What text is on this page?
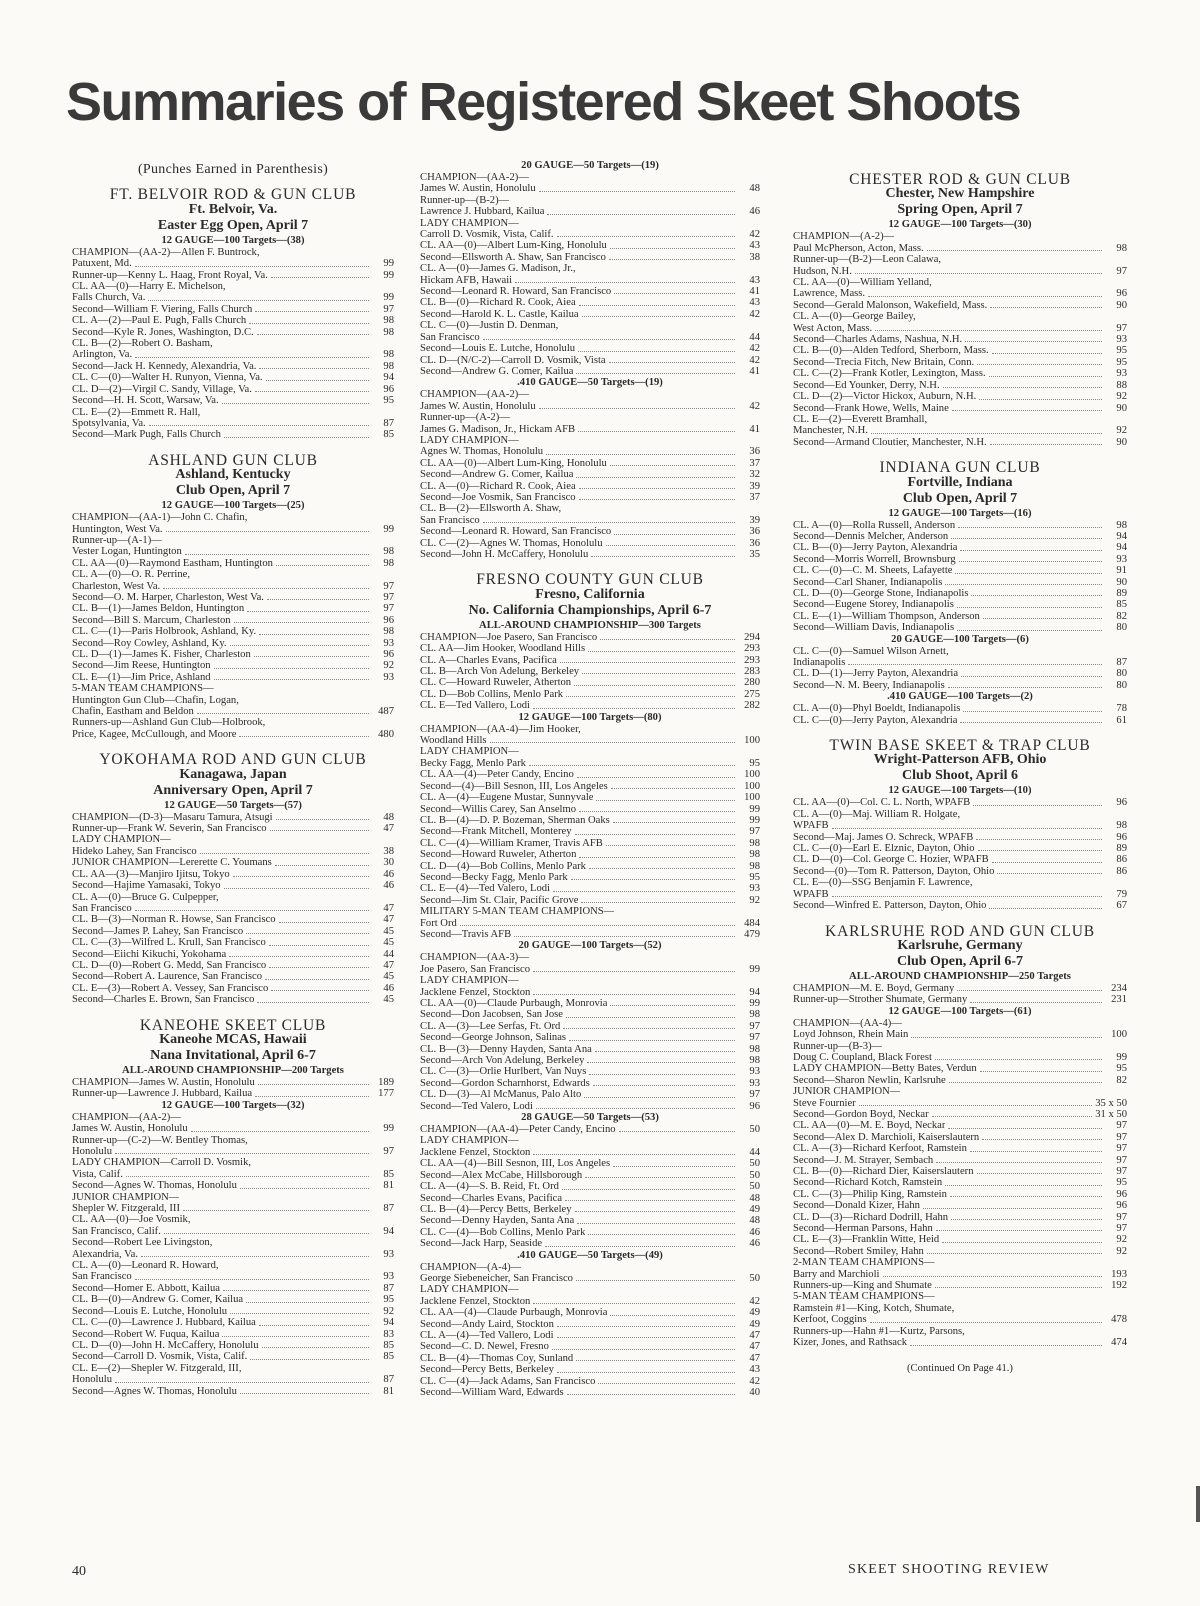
Summaries of Registered Skeet Shoots
(Punches Earned in Parenthesis)
FT. BELVOIR ROD & GUN CLUB
Ft. Belvoir, Va.
Easter Egg Open, April 7
12 GAUGE—100 Targets—(38)
CHAMPION—(AA-2)—Allen F. Buntrock,
Patuxent, Md.	99
Runner-up—Kenny L. Haag, Front Royal, Va.	99
CL. AA—(0)—Harry E. Michelson,
Falls Church, Va.	99
Second—William F. Viering, Falls Church	97
CL. A—(2)—Paul E. Pugh, Falls Church	98
Second—Kyle R. Jones, Washington, D.C.	98
CL. B—(2)—Robert O. Basham,
Arlington, Va.	98
Second—Jack H. Kennedy, Alexandria, Va.	98
CL. C—(0)—Walter H. Runyon, Vienna, Va.	94
CL. D—(2)—Virgil C. Sandy, Village, Va.	96
Second—H. H. Scott, Warsaw, Va.	95
CL. E—(2)—Emmett R. Hall,
Spotsylvania, Va.	87
Second—Mark Pugh, Falls Church	85
ASHLAND GUN CLUB
Ashland, Kentucky
Club Open, April 7
12 GAUGE—100 Targets—(25)
CHAMPION—(AA-1)—John C. Chafin,
Huntington, West Va.	99
Runner-up—(A-1)—
Vester Logan, Huntington	98
CL. AA—(0)—Raymond Eastham, Huntington	98
CL. A—(0)—O. R. Perrine,
Charleston, West Va.	97
Second—O. M. Harper, Charleston, West Va.	97
CL. B—(1)—James Beldon, Huntington	97
Second—Bill S. Marcum, Charleston	96
CL. C—(1)—Paris Holbrook, Ashland, Ky.	98
Second—Roy Cowley, Ashland, Ky.	93
CL. D—(1)—James K. Fisher, Charleston	96
Second—Jim Reese, Huntington	92
CL. E—(1)—Jim Price, Ashland	93
5-MAN TEAM CHAMPIONS—
Huntington Gun Club—Chafin, Logan,
Chafin, Eastham and Beldon	487
Runners-up—Ashland Gun Club—Holbrook,
Price, Kagee, McCullough, and Moore	480
YOKOHAMA ROD AND GUN CLUB
Kanagawa, Japan
Anniversary Open, April 7
12 GAUGE—50 Targets—(57)
CHAMPION—(D-3)—Masaru Tamura, Atsugi	48
Runner-up—Frank W. Severin, San Francisco	47
LADY CHAMPION—
Hideko Lahey, San Francisco	38
JUNIOR CHAMPION—Lererette C. Youmans	30
CL. AA—(3)—Manjiro Ijitsu, Tokyo	46
Second—Hajime Yamasaki, Tokyo	46
CL. A—(0)—Bruce G. Culpepper,
San Francisco	47
CL. B—(3)—Norman R. Howse, San Francisco	47
Second—James P. Lahey, San Francisco	45
CL. C—(3)—Wilfred L. Krull, San Francisco	45
Second—Eiichi Kikuchi, Yokohama	44
CL. D—(0)—Robert G. Medd, San Francisco	47
Second—Robert A. Laurence, San Francisco	45
CL. E—(3)—Robert A. Vessey, San Francisco	46
Second—Charles E. Brown, San Francisco	45
KANEOHE SKEET CLUB
Kaneohe MCAS, Hawaii
Nana Invitational, April 6-7
ALL-AROUND CHAMPIONSHIP—200 Targets
CHAMPION—James W. Austin, Honolulu	189
Runner-up—Lawrence J. Hubbard, Kailua	177
12 GAUGE—100 Targets—(32)
CHAMPION—(AA-2)—
James W. Austin, Honolulu	99
Runner-up—(C-2)—W. Bentley Thomas,
Honolulu	97
LADY CHAMPION—Carroll D. Vosmik,
Vista, Calif.	85
Second—Agnes W. Thomas, Honolulu	81
JUNIOR CHAMPION—
Shepler W. Fitzgerald, III	87
CL. AA—(0)—Joe Vosmik,
San Francisco, Calif.	94
Second—Robert Lee Livingston,
Alexandria, Va.	93
CL. A—(0)—Leonard R. Howard,
San Francisco	93
Second—Homer E. Abbott, Kailua	87
CL. B—(0)—Andrew G. Comer, Kailua	95
Second—Louis E. Lutche, Honolulu	92
CL. C—(0)—Lawrence J. Hubbard, Kailua	94
Second—Robert W. Fuqua, Kailua	83
CL. D—(0)—John H. McCaffery, Honolulu	85
Second—Carroll D. Vosmik, Vista, Calif.	85
CL. E—(2)—Shepler W. Fitzgerald, III,
Honolulu	87
Second—Agnes W. Thomas, Honolulu	81
20 GAUGE—50 Targets—(19)
CHAMPION—(AA-2)—
James W. Austin, Honolulu	48
Runner-up—(B-2)—
Lawrence J. Hubbard, Kailua	46
LADY CHAMPION—
Carroll D. Vosmik, Vista, Calif.	42
CL. AA—(0)—Albert Lum-King, Honolulu	43
Second—Ellsworth A. Shaw, San Francisco	38
CL. A—(0)—James G. Madison, Jr.,
Hickam AFB, Hawaii	43
Second—Leonard R. Howard, San Francisco	41
CL. B—(0)—Richard R. Cook, Aiea	43
Second—Harold K. L. Castle, Kailua	42
CL. C—(0)—Justin D. Denman,
San Francisco	44
Second—Louis E. Lutche, Honolulu	42
CL. D—(N/C-2)—Carroll D. Vosmik, Vista	42
Second—Andrew G. Comer, Kailua	41
.410 GAUGE—50 Targets—(19)
CHAMPION—(AA-2)—
James W. Austin, Honolulu	42
Runner-up—(A-2)—
James G. Madison, Jr., Hickam AFB	41
LADY CHAMPION—
Agnes W. Thomas, Honolulu	36
CL. AA—(0)—Albert Lum-King, Honolulu	37
Second—Andrew G. Comer, Kailua	32
CL. A—(0)—Richard R. Cook, Aiea	39
Second—Joe Vosmik, San Francisco	37
CL. B—(2)—Ellsworth A. Shaw,
San Francisco	39
Second—Leonard R. Howard, San Francisco	36
CL. C—(2)—Agnes W. Thomas, Honolulu	36
Second—John H. McCaffery, Honolulu	35
FRESNO COUNTY GUN CLUB
Fresno, California
No. California Championships, April 6-7
ALL-AROUND CHAMPIONSHIP—300 Targets
CHAMPION—Joe Pasero, San Francisco	294
CL. AA—Jim Hooker, Woodland Hills	293
CL. A—Charles Evans, Pacifica	293
CL. B—Arch Von Adelung, Berkeley	283
CL. C—Howard Ruweler, Atherton	280
CL. D—Bob Collins, Menlo Park	275
CL. E—Ted Vallero, Lodi	282
12 GAUGE—100 Targets—(80)
CHAMPION—(AA-4)—Jim Hooker,
Woodland Hills	100
LADY CHAMPION—
Becky Fagg, Menlo Park	95
CL. AA—(4)—Peter Candy, Encino	100
Second—(4)—Bill Sesnon, III, Los Angeles	100
CL. A—(4)—Eugene Mustar, Sunnyvale	100
Second—Willis Carey, San Anselmo	99
CL. B—(4)—D. P. Bozeman, Sherman Oaks	99
Second—Frank Mitchell, Monterey	97
CL. C—(4)—William Kramer, Travis AFB	98
Second—Howard Ruweler, Atherton	98
CL. D—(4)—Bob Collins, Menlo Park	98
Second—Becky Fagg, Menlo Park	95
CL. E—(4)—Ted Valero, Lodi	93
Second—Jim St. Clair, Pacific Grove	92
MILITARY 5-MAN TEAM CHAMPIONS—
Fort Ord	484
Second—Travis AFB	479
20 GAUGE—100 Targets—(52)
CHAMPION—(AA-3)—
Joe Pasero, San Francisco	99
LADY CHAMPION—
Jacklene Fenzel, Stockton	94
CL. AA—(0)—Claude Purbaugh, Monrovia	99
Second—Don Jacobsen, San Jose	98
CL. A—(3)—Lee Serfas, Ft. Ord	97
Second—George Johnson, Salinas	97
CL. B—(3)—Denny Hayden, Santa Ana	98
Second—Arch Von Adelung, Berkeley	98
CL. C—(3)—Orlie Hurlbert, Van Nuys	93
Second—Gordon Scharnhorst, Edwards	93
CL. D—(3)—Al McManus, Palo Alto	97
Second—Ted Valero, Lodi	96
28 GAUGE—50 Targets—(53)
CHAMPION—(AA-4)—Peter Candy, Encino	50
LADY CHAMPION—
Jacklene Fenzel, Stockton	44
CL. AA—(4)—Bill Sesnon, III, Los Angeles	50
Second—Alex McCabe, Hillsborough	50
CL. A—(4)—S. B. Reid, Ft. Ord	50
Second—Charles Evans, Pacifica	48
CL. B—(4)—Percy Betts, Berkeley	49
Second—Denny Hayden, Santa Ana	48
CL. C—(4)—Bob Collins, Menlo Park	46
Second—Jack Harp, Seaside	46
.410 GAUGE—50 Targets—(49)
CHAMPION—(A-4)—
George Siebeneicher, San Francisco	50
LADY CHAMPION—
Jacklene Fenzel, Stockton	42
CL. AA—(4)—Claude Purbaugh, Monrovia	49
Second—Andy Laird, Stockton	49
CL. A—(4)—Ted Vallero, Lodi	47
Second—C. D. Newel, Fresno	47
CL. B—(4)—Thomas Coy, Sunland	47
Second—Percy Betts, Berkeley	43
CL. C—(4)—Jack Adams, San Francisco	42
Second—William Ward, Edwards	40
CHESTER ROD & GUN CLUB
Chester, New Hampshire
Spring Open, April 7
12 GAUGE—100 Targets—(30)
CHAMPION—(A-2)—
Paul McPherson, Acton, Mass.	98
Runner-up—(B-2)—Leon Calawa,
Hudson, N.H.	97
CL. AA—(0)—William Yelland,
Lawrence, Mass.	96
Second—Gerald Malonson, Wakefield, Mass.	90
CL. A—(0)—George Bailey,
West Acton, Mass.	97
Second—Charles Adams, Nashua, N.H.	93
CL. B—(0)—Alden Tedford, Sherborn, Mass.	95
Second—Trecia Fitch, New Britain, Conn.	95
CL. C—(2)—Frank Kotler, Lexington, Mass.	93
Second—Ed Younker, Derry, N.H.	88
CL. D—(2)—Victor Hickox, Auburn, N.H.	92
Second—Frank Howe, Wells, Maine	90
CL. E—(2)—Everett Bramhall,
Manchester, N.H.	92
Second—Armand Cloutier, Manchester, N.H.	90
INDIANA GUN CLUB
Fortville, Indiana
Club Open, April 7
12 GAUGE—100 Targets—(16)
CL. A—(0)—Rolla Russell, Anderson	98
Second—Dennis Melcher, Anderson	94
CL. B—(0)—Jerry Payton, Alexandria	94
Second—Morris Worrell, Brownsburg	93
CL. C—(0)—C. M. Sheets, Lafayette	91
Second—Carl Shaner, Indianapolis	90
CL. D—(0)—George Stone, Indianapolis	89
Second—Eugene Storey, Indianapolis	85
CL. E—(1)—William Thompson, Anderson	82
Second—William Davis, Indianapolis	80
20 GAUGE—100 Targets—(6)
CL. C—(0)—Samuel Wilson Arnett,
Indianapolis	87
CL. D—(1)—Jerry Payton, Alexandria	80
Second—N. M. Beery, Indianapolis	80
.410 GAUGE—100 Targets—(2)
CL. A—(0)—Phyl Boeldt, Indianapolis	78
CL. C—(0)—Jerry Payton, Alexandria	61
TWIN BASE SKEET & TRAP CLUB
Wright-Patterson AFB, Ohio
Club Shoot, April 6
12 GAUGE—100 Targets—(10)
CL. AA—(0)—Col. C. L. North, WPAFB	96
CL. A—(0)—Maj. William R. Holgate,
WPAFB	98
Second—Maj. James O. Schreck, WPAFB	96
CL. C—(0)—Earl E. Elznic, Dayton, Ohio	89
CL. D—(0)—Col. George C. Hozier, WPAFB	86
Second—(0)—Tom R. Patterson, Dayton, Ohio	86
CL. E—(0)—SSG Benjamin F. Lawrence,
WPAFB	79
Second—Winfred E. Patterson, Dayton, Ohio	67
KARLSRUHE ROD AND GUN CLUB
Karlsruhe, Germany
Club Open, April 6-7
ALL-AROUND CHAMPIONSHIP—250 Targets
CHAMPION—M. E. Boyd, Germany	234
Runner-up—Strother Shumate, Germany	231
12 GAUGE—100 Targets—(61)
CHAMPION—(AA-4)—
Loyd Johnson, Rhein Main	100
Runner-up—(B-3)—
Doug C. Coupland, Black Forest	99
LADY CHAMPION—Betty Bates, Verdun	95
Second—Sharon Newlin, Karlsruhe	82
JUNIOR CHAMPION—
Steve Fournier	35 x 50
Second—Gordon Boyd, Neckar	31 x 50
CL. AA—(0)—M. E. Boyd, Neckar	97
Second—Alex D. Marchioli, Kaiserslautern	97
CL. A—(3)—Richard Kerfoot, Ramstein	97
Second—J. M. Strayer, Sembach	97
CL. B—(0)—Richard Dier, Kaiserslautern	97
Second—Richard Kotch, Ramstein	95
CL. C—(3)—Philip King, Ramstein	96
Second—Donald Kizer, Hahn	96
CL. D—(3)—Richard Dodrill, Hahn	97
Second—Herman Parsons, Hahn	97
CL. E—(3)—Franklin Witte, Heid	92
Second—Robert Smiley, Hahn	92
2-MAN TEAM CHAMPIONS—
Barry and Marchioli	193
Runners-up—King and Shumate	192
5-MAN TEAM CHAMPIONS—
Ramstein #1—King, Kotch, Shumate,
Kerfoot, Coggins	478
Runners-up—Hahn #1—Kurtz, Parsons,
Kizer, Jones, and Rathsack	474
(Continued On Page 41.)
40	SKEET SHOOTING REVIEW
